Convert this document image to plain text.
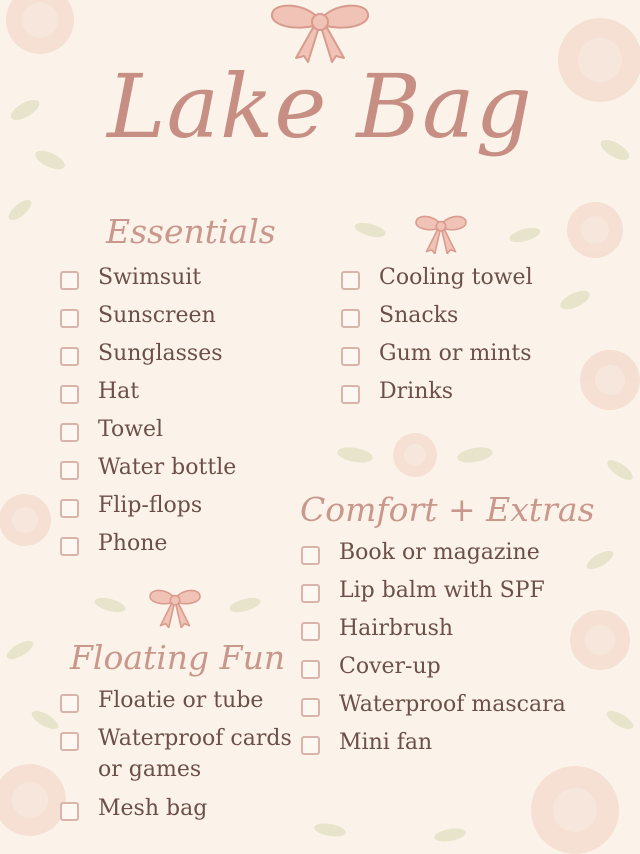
Lake Bag
Essentials
Swimsuit
Sunscreen
Sunglasses
Hat
Towel
Water bottle
Flip-flops
Phone
Cooling towel
Snacks
Gum or mints
Drinks
Floating Fun
Floatie or tube
Waterproof cards or games
Mesh bag
Comfort + Extras
Book or magazine
Lip balm with SPF
Hairbrush
Cover-up
Waterproof mascara
Mini fan
